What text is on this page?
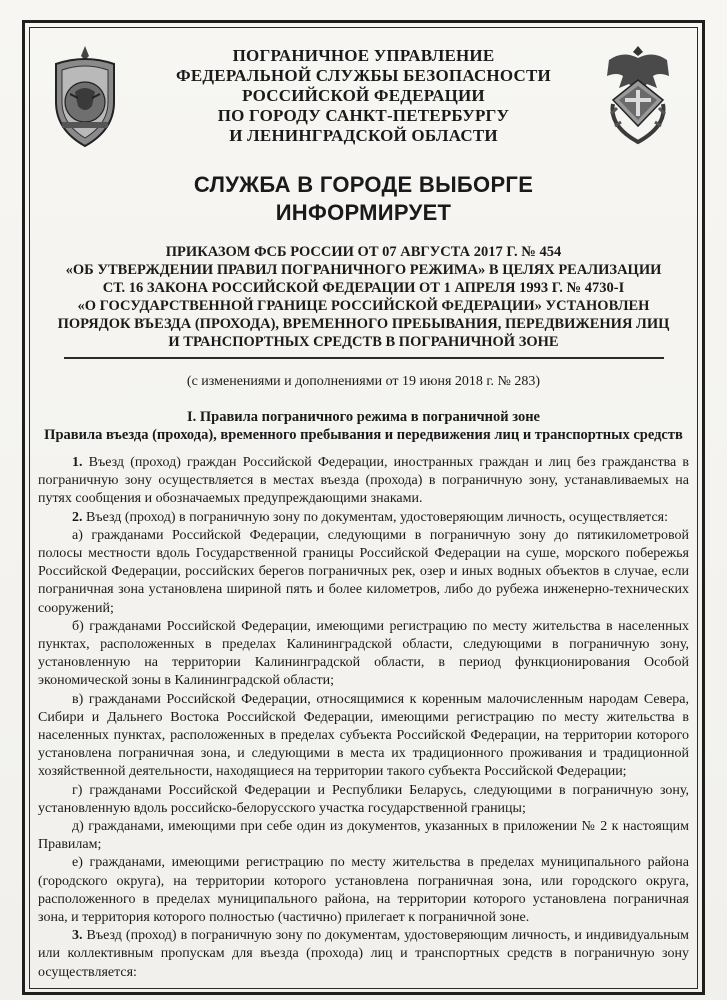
ПОГРАНИЧНОЕ УПРАВЛЕНИЕ
ФЕДЕРАЛЬНОЙ СЛУЖБЫ БЕЗОПАСНОСТИ
РОССИЙСКОЙ ФЕДЕРАЦИИ
ПО ГОРОДУ САНКТ-ПЕТЕРБУРГУ
И ЛЕНИНГРАДСКОЙ ОБЛАСТИ
СЛУЖБА В ГОРОДЕ ВЫБОРГЕ
ИНФОРМИРУЕТ
ПРИКАЗОМ ФСБ РОССИИ ОТ 07 АВГУСТА 2017 Г. № 454
«ОБ УТВЕРЖДЕНИИ ПРАВИЛ ПОГРАНИЧНОГО РЕЖИМА» В ЦЕЛЯХ РЕАЛИЗАЦИИ
СТ. 16 ЗАКОНА РОССИЙСКОЙ ФЕДЕРАЦИИ ОТ 1 АПРЕЛЯ 1993 Г. № 4730-I
«О ГОСУДАРСТВЕННОЙ ГРАНИЦЕ РОССИЙСКОЙ ФЕДЕРАЦИИ» УСТАНОВЛЕН
ПОРЯДОК ВЪЕЗДА (ПРОХОДА), ВРЕМЕННОГО ПРЕБЫВАНИЯ, ПЕРЕДВИЖЕНИЯ ЛИЦ
И ТРАНСПОРТНЫХ СРЕДСТВ В ПОГРАНИЧНОЙ ЗОНЕ
(с изменениями и дополнениями от 19 июня 2018 г. № 283)
I. Правила пограничного режима в пограничной зоне
Правила въезда (прохода), временного пребывания и передвижения лиц и транспортных средств

1. Въезд (проход) граждан Российской Федерации, иностранных граждан и лиц без гражданства в пограничную зону осуществляется в местах въезда (прохода) в пограничную зону, устанавливаемых на путях сообщения и обозначаемых предупреждающими знаками.

2. Въезд (проход) в пограничную зону по документам, удостоверяющим личность, осуществляется:

а) гражданами Российской Федерации, следующими в пограничную зону до пятикилометровой полосы местности вдоль Государственной границы Российской Федерации на суше, морского побережья Российской Федерации, российских берегов пограничных рек, озер и иных водных объектов в случае, если пограничная зона установлена шириной пять и более километров, либо до рубежа инженерно-технических сооружений;

б) гражданами Российской Федерации, имеющими регистрацию по месту жительства в населенных пунктах, расположенных в пределах Калининградской области, следующими в пограничную зону, установленную на территории Калининградской области, в период функционирования Особой экономической зоны в Калининградской области;

в) гражданами Российской Федерации, относящимися к коренным малочисленным народам Севера, Сибири и Дальнего Востока Российской Федерации, имеющими регистрацию по месту жительства в населенных пунктах, расположенных в пределах субъекта Российской Федерации, на территории которого установлена пограничная зона, и следующими в места их традиционного проживания и традиционной хозяйственной деятельности, находящиеся на территории такого субъекта Российской Федерации;

г) гражданами Российской Федерации и Республики Беларусь, следующими в пограничную зону, установленную вдоль российско-белорусского участка государственной границы;

д) гражданами, имеющими при себе один из документов, указанных в приложении № 2 к настоящим Правилам;

е) гражданами, имеющими регистрацию по месту жительства в пределах муниципального района (городского округа), на территории которого установлена пограничная зона, или городского округа, расположенного в пределах муниципального района, на территории которого установлена пограничная зона, и территория которого полностью (частично) прилегает к пограничной зоне.

3. Въезд (проход) в пограничную зону по документам, удостоверяющим личность, и индивидуальным или коллективным пропускам для въезда (прохода) лиц и транспортных средств в пограничную зону осуществляется:
